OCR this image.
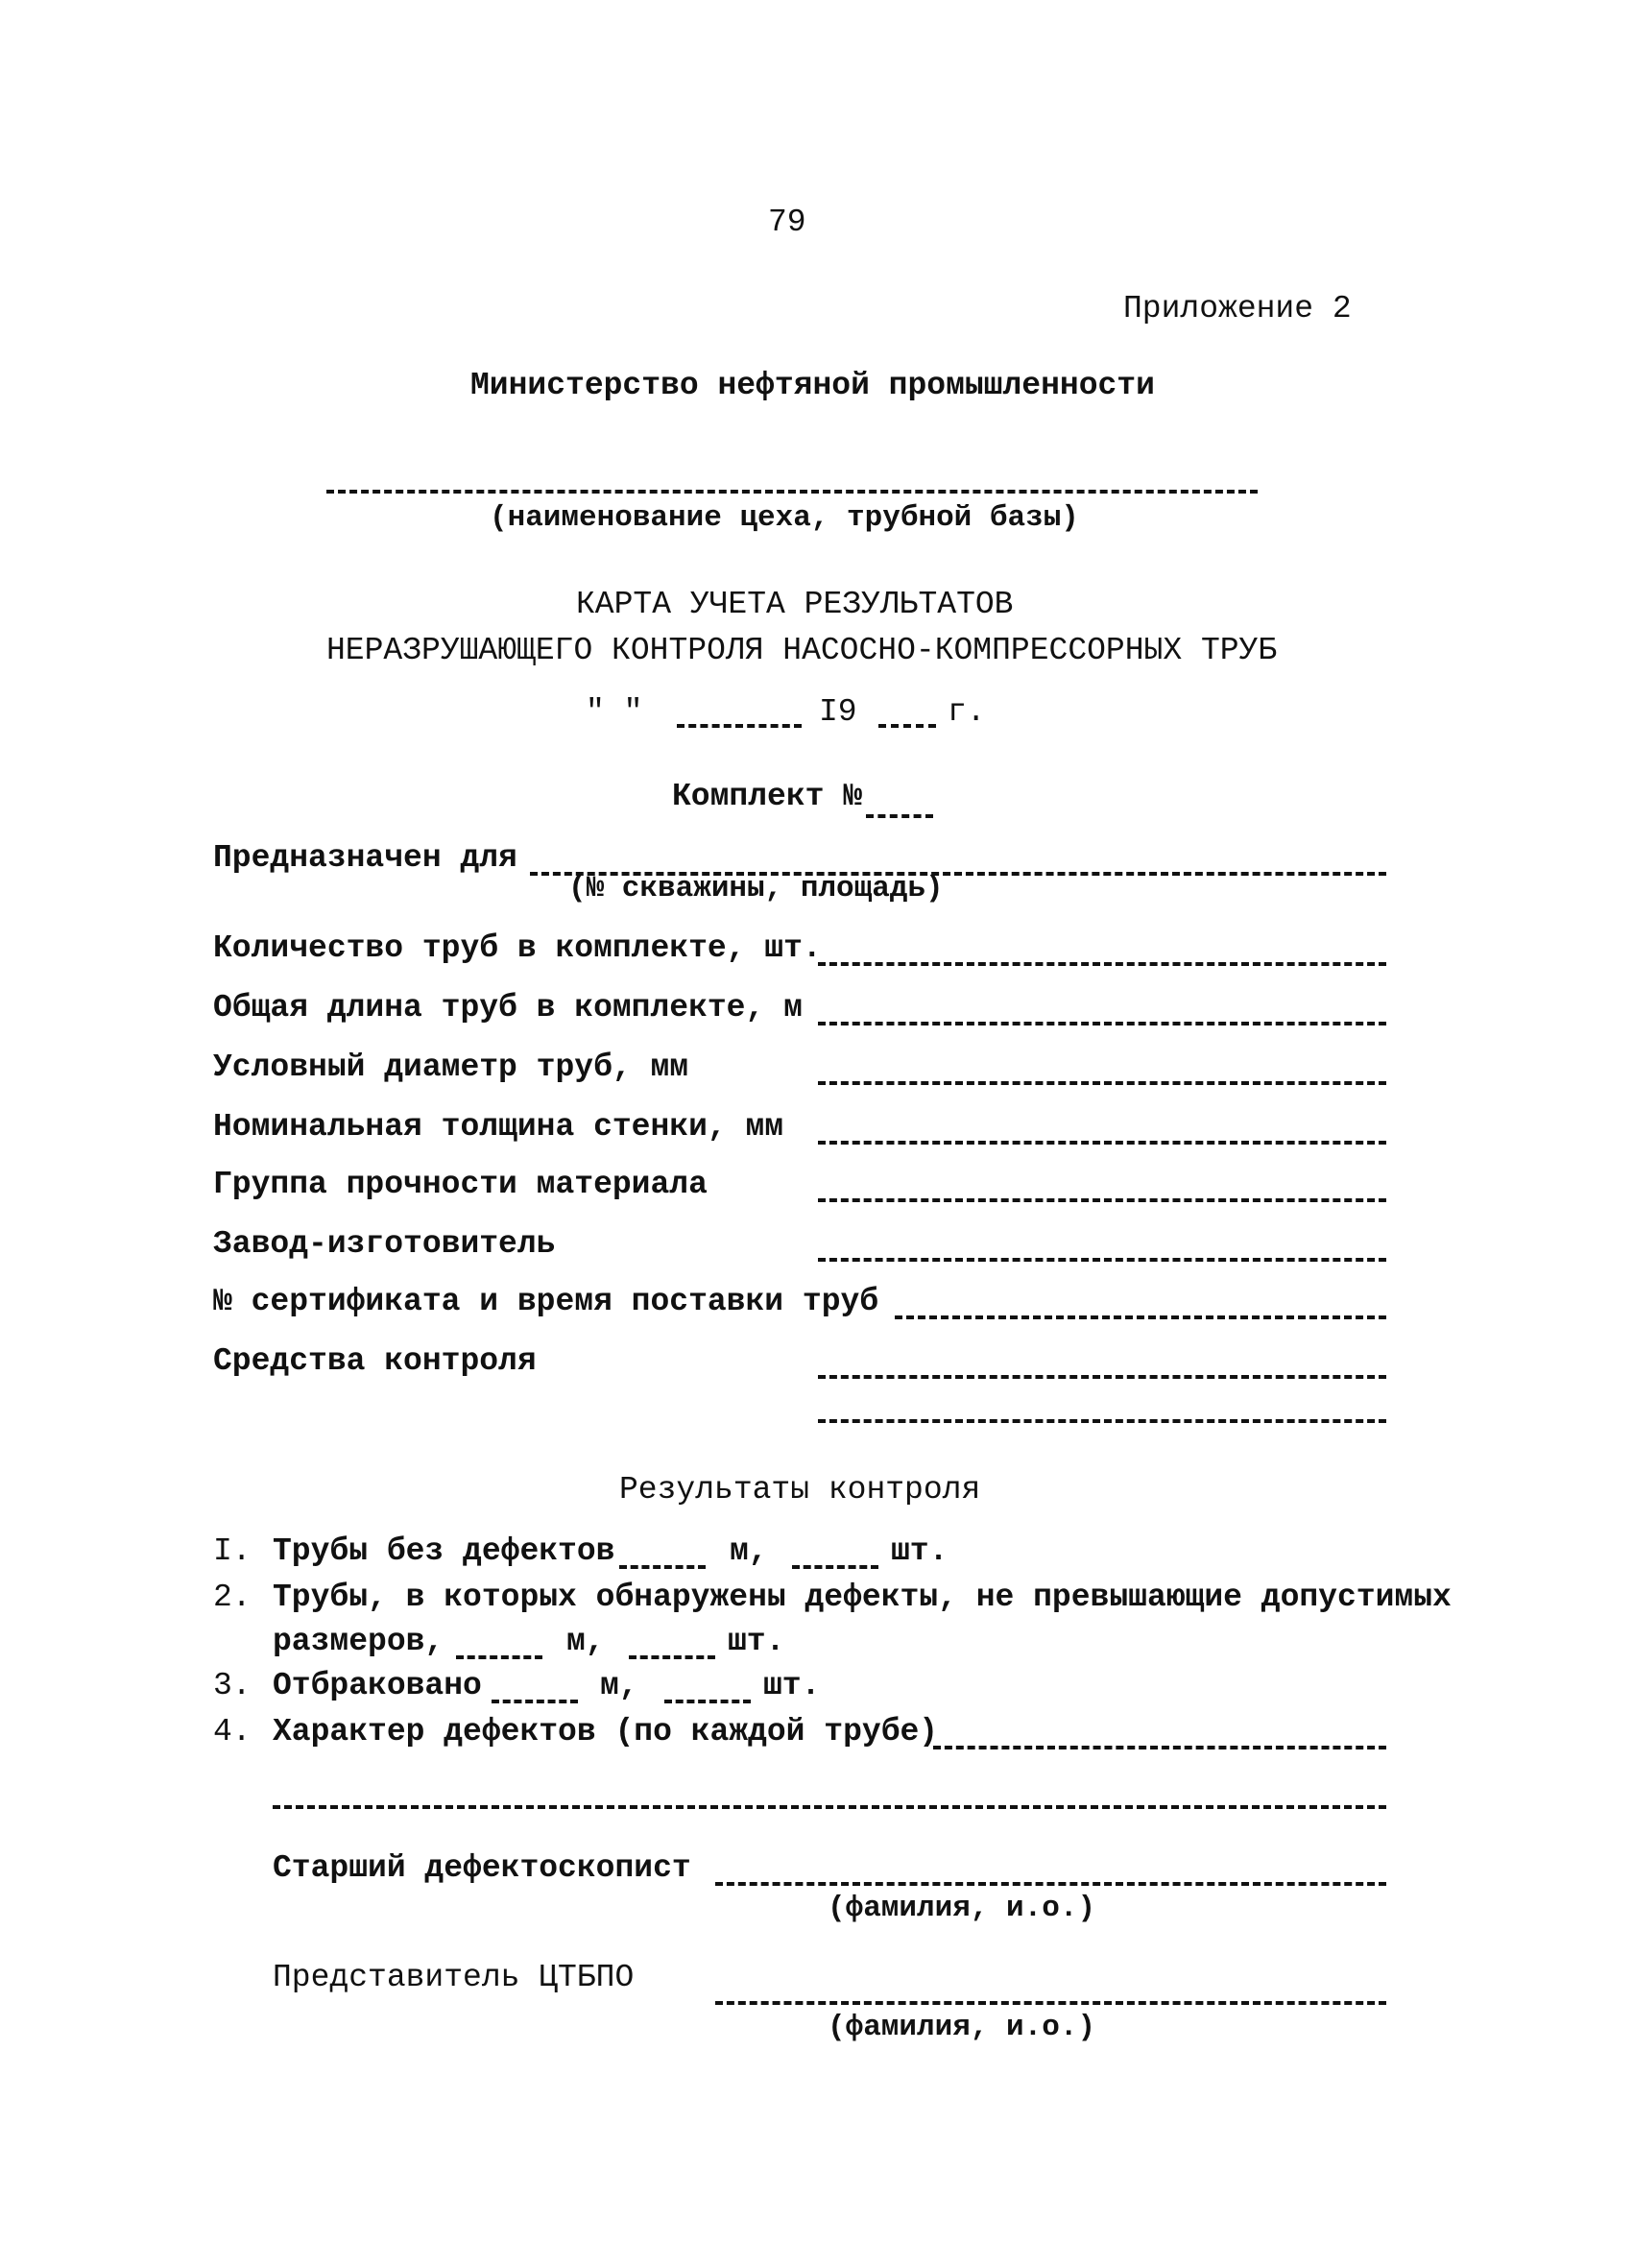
79
Приложение 2
Министерство нефтяной промышленности
(наименование цеха, трубной базы)
КАРТА УЧЕТА РЕЗУЛЬТАТОВ
НЕРАЗРУШАЮЩЕГО КОНТРОЛЯ НАСОСНО-КОМПРЕССОРНЫХ ТРУБ
" "	I9	г.
Комплект №
Предназначен для
(№ скважины, площадь)
Количество труб в комплекте, шт.
Общая длина труб в комплекте, м
Условный диаметр труб, мм
Номинальная толщина стенки, мм
Группа прочности материала
Завод-изготовитель
№ сертификата и время поставки труб
Средства контроля
Результаты контроля
I. Трубы без дефектов	м,	шт.
2. Трубы, в которых обнаружены дефекты, не превышающие допустимых
размеров,	м,	шт.
3. Отбраковано	м,	шт.
4. Характер дефектов (по каждой трубе)
Старший дефектоскопист
(фамилия, и.о.)
Представитель ЦТБПО
(фамилия, и.о.)
